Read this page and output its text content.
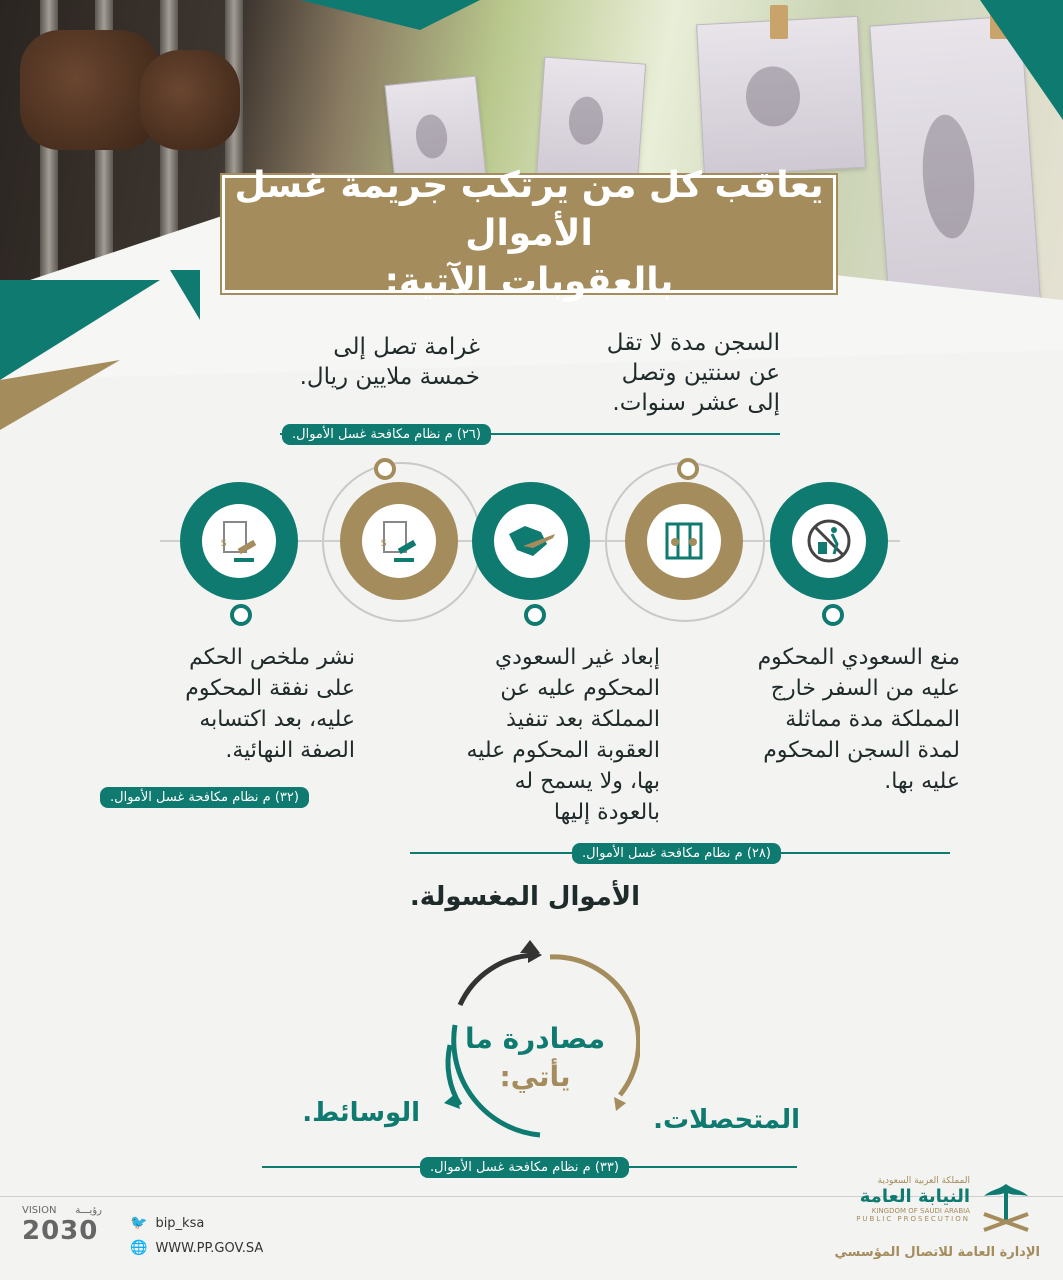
يعاقب كل من يرتكب جريمة غسل الأموال
بالعقوبات الآتية:
السجن مدة لا تقل
عن سنتين وتصل
إلى عشر سنوات.
غرامة تصل إلى
خمسة ملايين ريال.
(٢٦) م نظام مكافحة غسل الأموال.
$
$
منع السعودي المحكوم
عليه من السفر خارج
المملكة مدة مماثلة
لمدة السجن المحكوم
عليه بها.
إبعاد غير السعودي
المحكوم عليه عن
المملكة بعد تنفيذ
العقوبة المحكوم عليه
بها، ولا يسمح له
بالعودة إليها
نشر ملخص الحكم
على نفقة المحكوم
عليه، بعد اكتسابه
الصفة النهائية.
(٣٢) م نظام مكافحة غسل الأموال.
(٢٨) م نظام مكافحة غسل الأموال.
الأموال المغسولة.
مصادرة ما
يأتي:
المتحصلات.
الوسائط.
(٣٣) م نظام مكافحة غسل الأموال.
🐦 bip_ksa
🌐 WWW.PP.GOV.SA
VISION رؤيـــة
2030
المملكة العربية السعودية
النيابة العامة
KINGDOM OF SAUDI ARABIA
PUBLIC PROSECUTION
الإدارة العامة للاتصال المؤسسي
